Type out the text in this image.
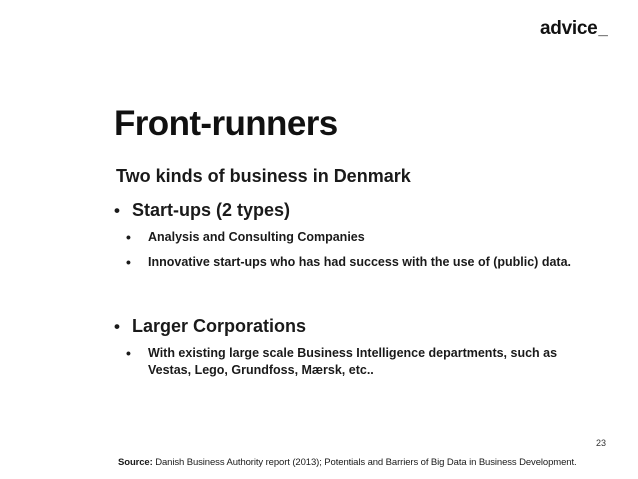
advice_
Front-runners
Two kinds of business in Denmark
• Start-ups (2 types)
• Analysis and Consulting Companies
• Innovative start-ups who has had success with the use of (public) data.
• Larger Corporations
• With existing large scale Business Intelligence departments, such as Vestas, Lego, Grundfoss, Mærsk, etc..
23
Source: Danish Business Authority report (2013); Potentials and Barriers of Big Data in Business Development.
